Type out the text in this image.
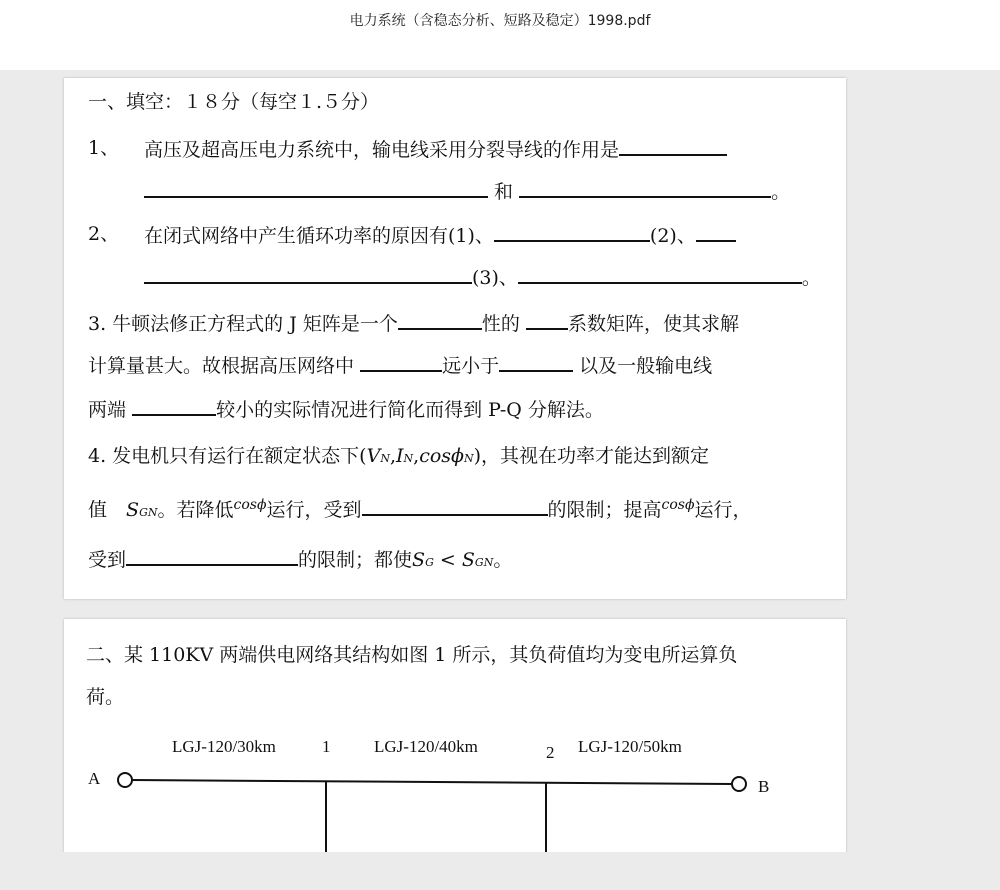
电力系统（含稳态分析、短路及稳定）1998.pdf
一、填空：１８分（每空１.５分）
1、 高压及超高压电力系统中，输电线采用分裂导线的作用是
和	。
2、 在闭式网络中产生循环功率的原因有(1)、	(2)、
(3)、	。
3. 牛顿法修正方程式的 J 矩阵是一个	性的	系数矩阵，使其求解
计算量甚大。故根据高压网络中	远小于	以及一般输电线
两端	较小的实际情况进行简化而得到 P-Q 分解法。
4. 发电机只有运行在额定状态下(VN,IN,cosϕN)，其视在功率才能达到额定
值　 SGN。若降低$^{cos\phi}$运行，受到	的限制；提高$^{cos\phi}$运行，
受到	的限制；都使SG < SGN。
二、某 110KV 两端供电网络其结构如图 1 所示，其负荷值均为变电所运算负
荷。
A	B
LGJ-120/30km	1	LGJ-120/40km	2 LGJ-120/50km
